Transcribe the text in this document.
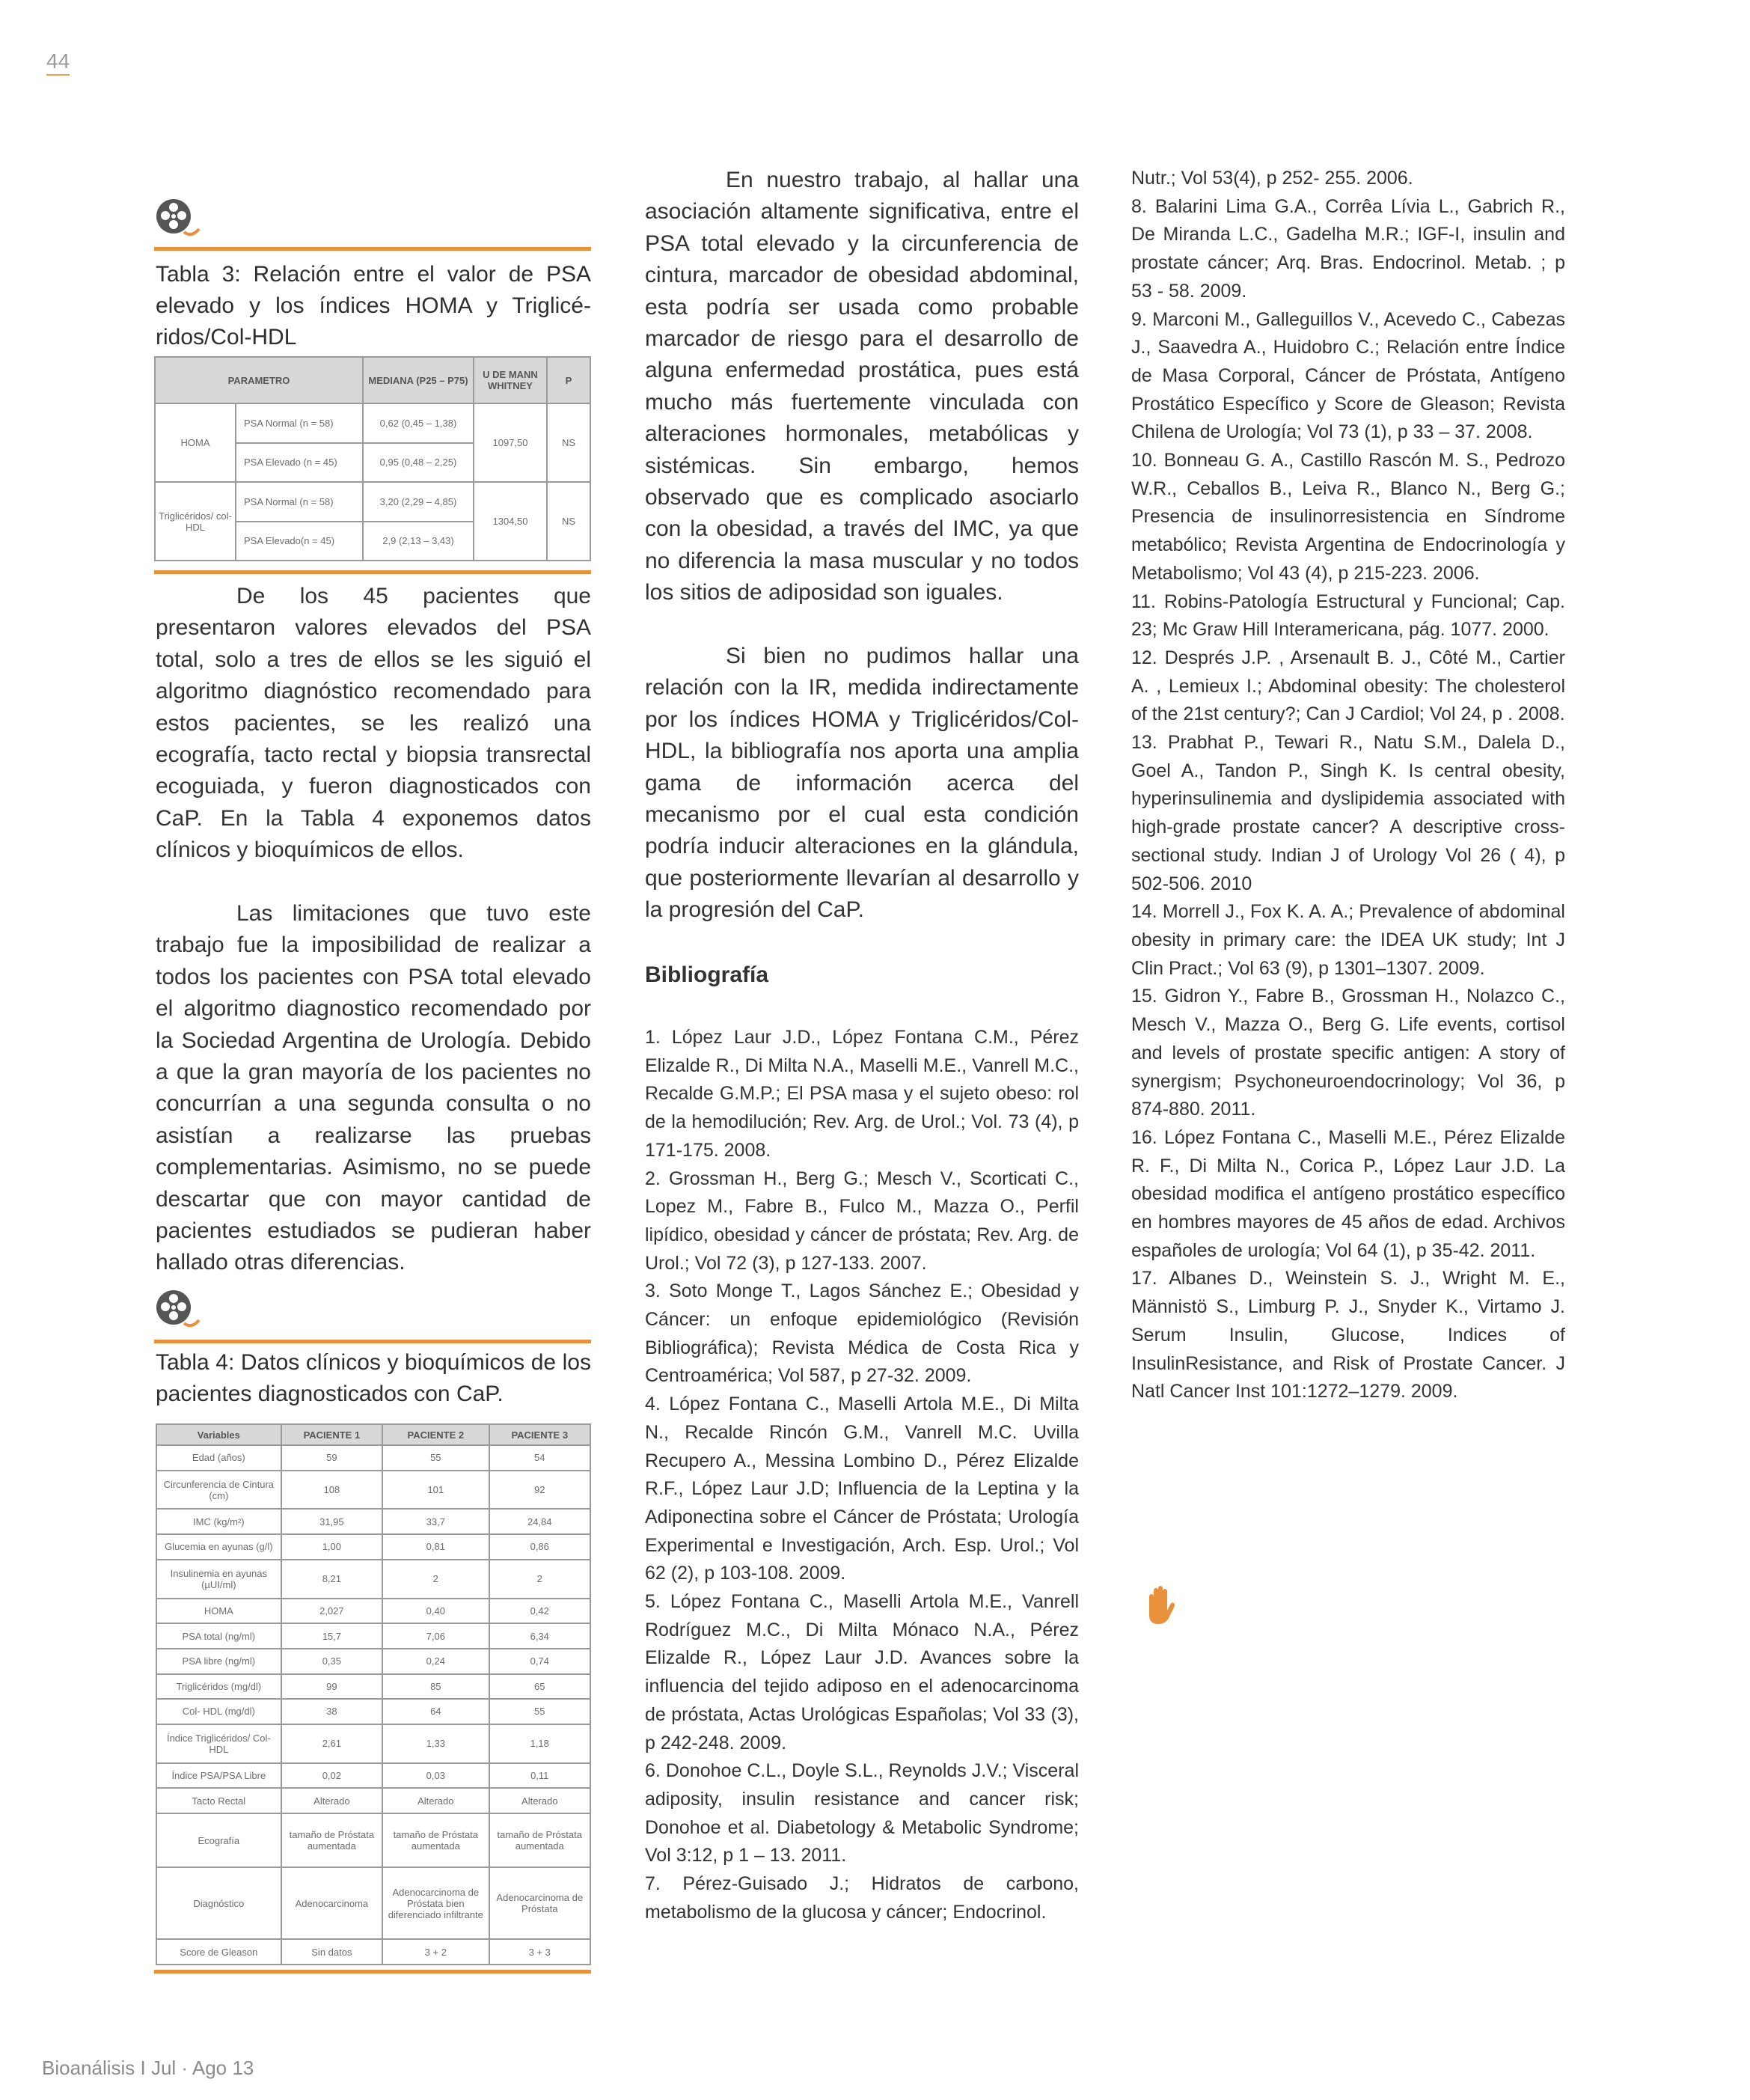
44

Tabla 3: Relación entre el valor de PSA elevado y los índices HOMA y Triglicé-ridos/Col-HDL

PARAMETRO		MEDIANA (P25 – P75)	U DE MANN WHITNEY	P
HOMA	PSA Normal (n = 58)	0,62 (0,45 – 1,38)	1097,50	NS
	PSA Elevado (n = 45)	0,95 (0,48 – 2,25)		
Triglicéridos/ col-HDL	PSA Normal (n = 58)	3,20 (2,29 – 4,85)	1304,50	NS
	PSA Elevado(n = 45)	2,9 (2,13 – 3,43)		

De los 45 pacientes que presentaron valores elevados del PSA total, solo a tres de ellos se les siguió el algoritmo diagnóstico recomendado para estos pacientes, se les realizó una ecografía, tacto rectal y biopsia transrectal ecoguiada, y fueron diagnosticados con CaP. En la Tabla 4 exponemos datos clínicos y bioquímicos de ellos.

Las limitaciones que tuvo este trabajo fue la imposibilidad de realizar a todos los pacientes con PSA total elevado el algoritmo diagnostico recomendado por la Sociedad Argentina de Urología. Debido a que la gran mayoría de los pacientes no concurrían a una segunda consulta o no asistían a realizarse las pruebas complementarias. Asimismo, no se puede descartar que con mayor cantidad de pacientes estudiados se pudieran haber hallado otras diferencias.

Tabla 4: Datos clínicos y bioquímicos de los pacientes diagnosticados con CaP.

Variables	PACIENTE 1	PACIENTE 2	PACIENTE 3
Edad (años)	59	55	54
Circunferencia de Cintura (cm)	108	101	92
IMC (kg/m²)	31,95	33,7	24,84
Glucemia en ayunas (g/l)	1,00	0,81	0,86
Insulinemia en ayunas (µUI/ml)	8,21	2	2
HOMA	2,027	0,40	0,42
PSA total (ng/ml)	15,7	7,06	6,34
PSA libre (ng/ml)	0,35	0,24	0,74
Triglicéridos (mg/dl)	99	85	65
Col- HDL (mg/dl)	38	64	55
Índice Triglicéridos/ Col-HDL	2,61	1,33	1,18
Índice PSA/PSA Libre	0,02	0,03	0,11
Tacto Rectal	Alterado	Alterado	Alterado
Ecografía	tamaño de Próstata aumentada	tamaño de Próstata aumentada	tamaño de Próstata aumentada
Diagnóstico	Adenocarcinoma	Adenocarcinoma de Próstata bien diferenciado infiltrante	Adenocarcinoma de Próstata
Score de Gleason	Sin datos	3 + 2	3 + 3

En nuestro trabajo, al hallar una asociación altamente significativa, entre el PSA total elevado y la circunferencia de cintura, marcador de obesidad abdominal, esta podría ser usada como probable marcador de riesgo para el desarrollo de alguna enfermedad prostática, pues está mucho más fuertemente vinculada con alteraciones hormonales, metabólicas y sistémicas. Sin embargo, hemos observado que es complicado asociarlo con la obesidad, a través del IMC, ya que no diferencia la masa muscular y no todos los sitios de adiposidad son iguales.

Si bien no pudimos hallar una relación con la IR, medida indirectamente por los índices HOMA y Triglicéridos/Col-HDL, la bibliografía nos aporta una amplia gama de información acerca del mecanismo por el cual esta condición podría inducir alteraciones en la glándula, que posteriormente llevarían al desarrollo y la progresión del CaP.

Bibliografía
1. López Laur J.D., López Fontana C.M., Pérez Elizalde R., Di Milta N.A., Maselli M.E., Vanrell M.C., Recalde G.M.P.; El PSA masa y el sujeto obeso: rol de la hemodilución; Rev. Arg. de Urol.; Vol. 73 (4), p 171-175. 2008.
2. Grossman H., Berg G.; Mesch V., Scorticati C., Lopez M., Fabre B., Fulco M., Mazza O., Perfil lipídico, obesidad y cáncer de próstata; Rev. Arg. de Urol.; Vol 72 (3), p 127-133. 2007.
3. Soto Monge T., Lagos Sánchez E.; Obesidad y Cáncer: un enfoque epidemiológico (Revisión Bibliográfica); Revista Médica de Costa Rica y Centroamérica; Vol 587, p 27-32. 2009.
4. López Fontana C., Maselli Artola M.E., Di Milta N., Recalde Rincón G.M., Vanrell M.C. Uvilla Recupero A., Messina Lombino D., Pérez Elizalde R.F., López Laur J.D; Influencia de la Leptina y la Adiponectina sobre el Cáncer de Próstata; Urología Experimental e Investigación, Arch. Esp. Urol.; Vol 62 (2), p 103-108. 2009.
5. López Fontana C., Maselli Artola M.E., Vanrell Rodríguez M.C., Di Milta Mónaco N.A., Pérez Elizalde R., López Laur J.D. Avances sobre la influencia del tejido adiposo en el adenocarcinoma de próstata, Actas Urológicas Españolas; Vol 33 (3), p 242-248. 2009.
6. Donohoe C.L., Doyle S.L., Reynolds J.V.; Visceral adiposity, insulin resistance and cancer risk; Donohoe et al. Diabetology & Metabolic Syndrome; Vol 3:12, p 1 – 13. 2011.
7. Pérez-Guisado J.; Hidratos de carbono, metabolismo de la glucosa y cáncer; Endocrinol.
Nutr.; Vol 53(4), p 252- 255. 2006.
8. Balarini Lima G.A., Corrêa Lívia L., Gabrich R., De Miranda L.C., Gadelha M.R.; IGF-I, insulin and prostate cáncer; Arq. Bras. Endocrinol. Metab. ; p 53 - 58. 2009.
9. Marconi M., Galleguillos V., Acevedo C., Cabezas J., Saavedra A., Huidobro C.; Relación entre Índice de Masa Corporal, Cáncer de Próstata, Antígeno Prostático Específico y Score de Gleason; Revista Chilena de Urología; Vol 73 (1), p 33 – 37. 2008.
10. Bonneau G. A., Castillo Rascón M. S., Pedrozo W.R., Ceballos B., Leiva R., Blanco N., Berg G.; Presencia de insulinorresistencia en Síndrome metabólico; Revista Argentina de Endocrinología y Metabolismo; Vol 43 (4), p 215-223. 2006.
11. Robins-Patología Estructural y Funcional; Cap. 23; Mc Graw Hill Interamericana, pág. 1077. 2000.
12. Després J.P. , Arsenault B. J., Côté M., Cartier A. , Lemieux I.; Abdominal obesity: The cholesterol of the 21st century?; Can J Cardiol; Vol 24, p . 2008.
13. Prabhat P., Tewari R., Natu S.M., Dalela D., Goel A., Tandon P., Singh K. Is central obesity, hyperinsulinemia and dyslipidemia associated with high-grade prostate cancer? A descriptive cross-sectional study. Indian J of Urology Vol 26 ( 4), p 502-506. 2010
14. Morrell J., Fox K. A. A.; Prevalence of abdominal obesity in primary care: the IDEA UK study; Int J Clin Pract.; Vol 63 (9), p 1301–1307. 2009.
15. Gidron Y., Fabre B., Grossman H., Nolazco C., Mesch V., Mazza O., Berg G. Life events, cortisol and levels of prostate specific antigen: A story of synergism; Psychoneuroendocrinology; Vol 36, p 874-880. 2011.
16. López Fontana C., Maselli M.E., Pérez Elizalde R. F., Di Milta N., Corica P., López Laur J.D. La obesidad modifica el antígeno prostático específico en hombres mayores de 45 años de edad. Archivos españoles de urología; Vol 64 (1), p 35-42. 2011.
17. Albanes D., Weinstein S. J., Wright M. E., Männistö S., Limburg P. J., Snyder K., Virtamo J. Serum Insulin, Glucose, Indices of InsulinResistance, and Risk of Prostate Cancer. J Natl Cancer Inst 101:1272–1279. 2009.
Bioanálisis I Jul · Ago 13
